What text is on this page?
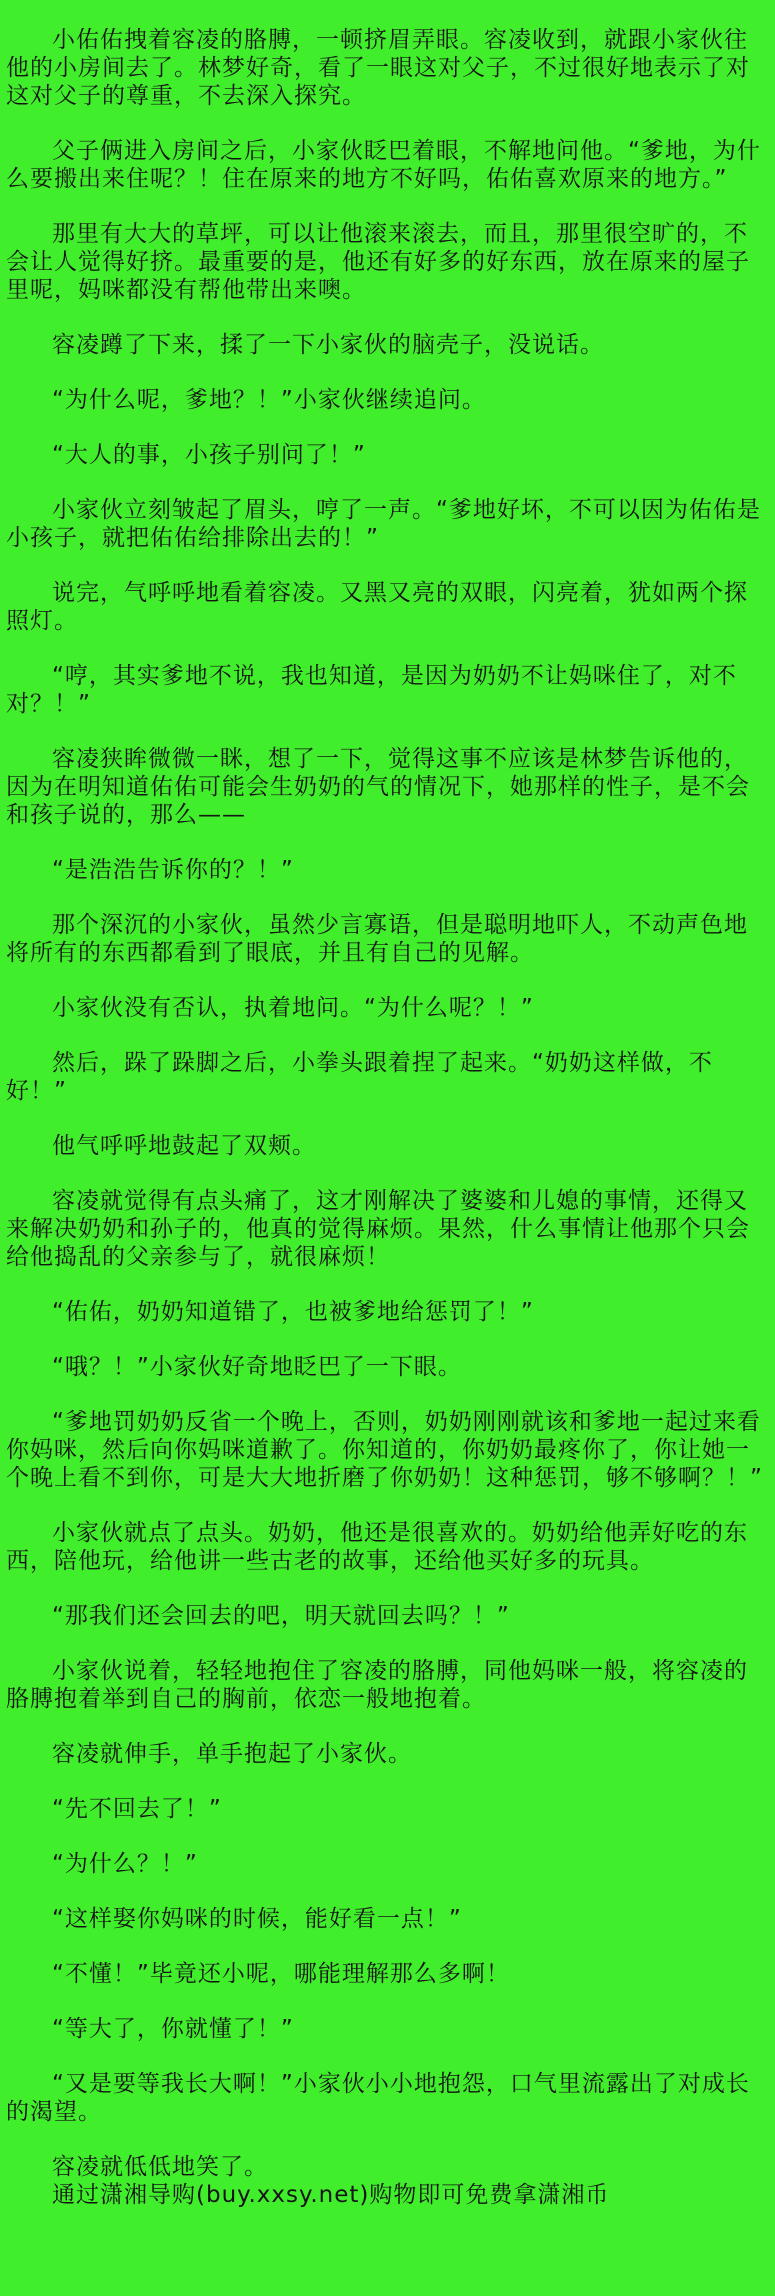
小佑佑拽着容凌的胳膊，一顿挤眉弄眼。容凌收到，就跟小家伙往他的小房间去了。林梦好奇，看了一眼这对父子，不过很好地表示了对这对父子的尊重，不去深入探究。

父子俩进入房间之后，小家伙眨巴着眼，不解地问他。“爹地，为什么要搬出来住呢？！住在原来的地方不好吗，佑佑喜欢原来的地方。”

那里有大大的草坪，可以让他滚来滚去，而且，那里很空旷的，不会让人觉得好挤。最重要的是，他还有好多的好东西，放在原来的屋子里呢，妈咪都没有帮他带出来噢。

容凌蹲了下来，揉了一下小家伙的脑壳子，没说话。

“为什么呢，爹地？！”小家伙继续追问。

“大人的事，小孩子别问了！”

小家伙立刻皱起了眉头，哼了一声。“爹地好坏，不可以因为佑佑是小孩子，就把佑佑给排除出去的！”

说完，气呼呼地看着容凌。又黑又亮的双眼，闪亮着，犹如两个探照灯。

“哼，其实爹地不说，我也知道，是因为奶奶不让妈咪住了，对不对？！”

容凌狭眸微微一眯，想了一下，觉得这事不应该是林梦告诉他的，因为在明知道佑佑可能会生奶奶的气的情况下，她那样的性子，是不会和孩子说的，那么——

“是浩浩告诉你的？！”

那个深沉的小家伙，虽然少言寡语，但是聪明地吓人，不动声色地将所有的东西都看到了眼底，并且有自己的见解。

小家伙没有否认，执着地问。“为什么呢？！”

然后，跺了跺脚之后，小拳头跟着捏了起来。“奶奶这样做，不好！”

他气呼呼地鼓起了双颊。

容凌就觉得有点头痛了，这才刚解决了婆婆和儿媳的事情，还得又来解决奶奶和孙子的，他真的觉得麻烦。果然，什么事情让他那个只会给他捣乱的父亲参与了，就很麻烦！

“佑佑，奶奶知道错了，也被爹地给惩罚了！”

“哦？！”小家伙好奇地眨巴了一下眼。

“爹地罚奶奶反省一个晚上，否则，奶奶刚刚就该和爹地一起过来看你妈咪，然后向你妈咪道歉了。你知道的，你奶奶最疼你了，你让她一个晚上看不到你，可是大大地折磨了你奶奶！这种惩罚，够不够啊？！”

小家伙就点了点头。奶奶，他还是很喜欢的。奶奶给他弄好吃的东西，陪他玩，给他讲一些古老的故事，还给他买好多的玩具。

“那我们还会回去的吧，明天就回去吗？！”

小家伙说着，轻轻地抱住了容凌的胳膊，同他妈咪一般，将容凌的胳膊抱着举到自己的胸前，依恋一般地抱着。

容凌就伸手，单手抱起了小家伙。

“先不回去了！”

“为什么？！”

“这样娶你妈咪的时候，能好看一点！”

“不懂！”毕竟还小呢，哪能理解那么多啊！

“等大了，你就懂了！”

“又是要等我长大啊！”小家伙小小地抱怨，口气里流露出了对成长的渴望。

容凌就低低地笑了。

通过潇湘导购(buy.xxsy.net)购物即可免费拿潇湘币
